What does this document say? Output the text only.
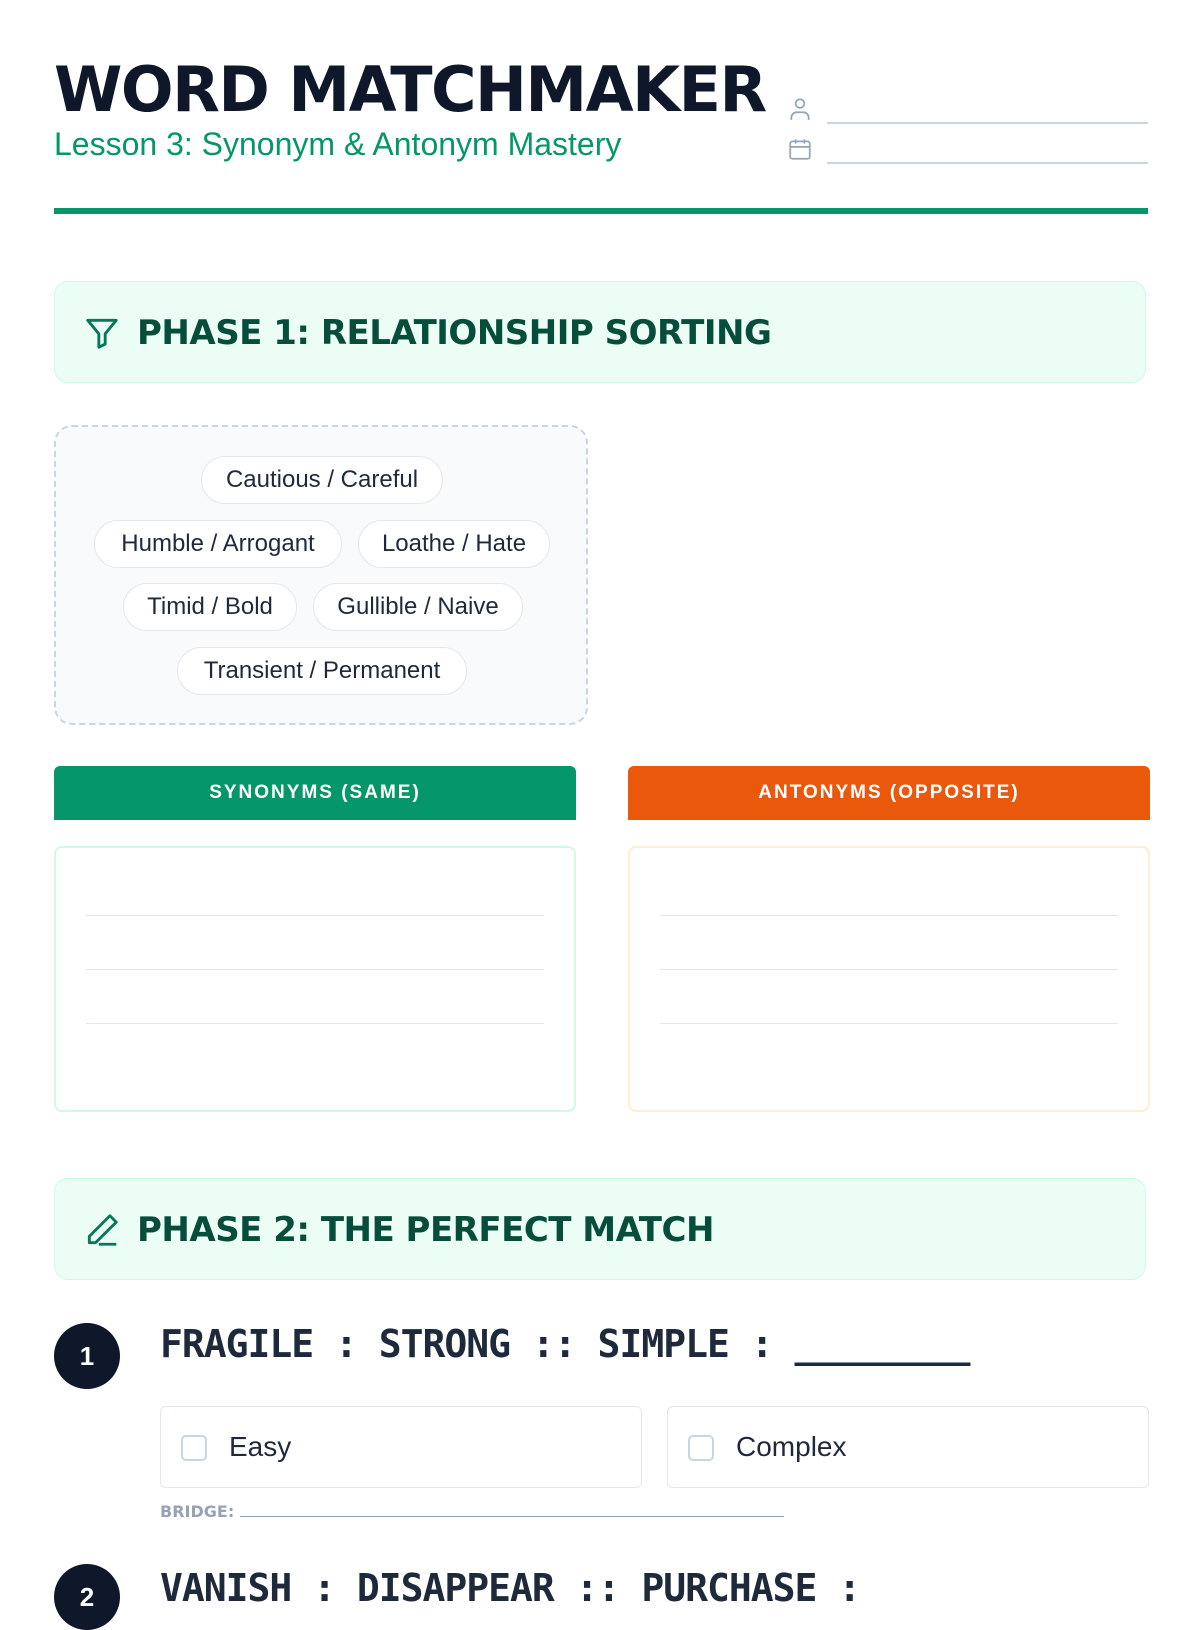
WORD MATCHMAKER
Lesson 3: Synonym & Antonym Mastery
PHASE 1: RELATIONSHIP SORTING
Cautious / Careful
Humble / Arrogant	Loathe / Hate
Timid / Bold	Gullible / Naive
Transient / Permanent
SYNONYMS (SAME)	ANTONYMS (OPPOSITE)
PHASE 2: THE PERFECT MATCH
1	FRAGILE : STRONG :: SIMPLE : ________
Easy	Complex
BRIDGE:
2	VANISH : DISAPPEAR :: PURCHASE :
